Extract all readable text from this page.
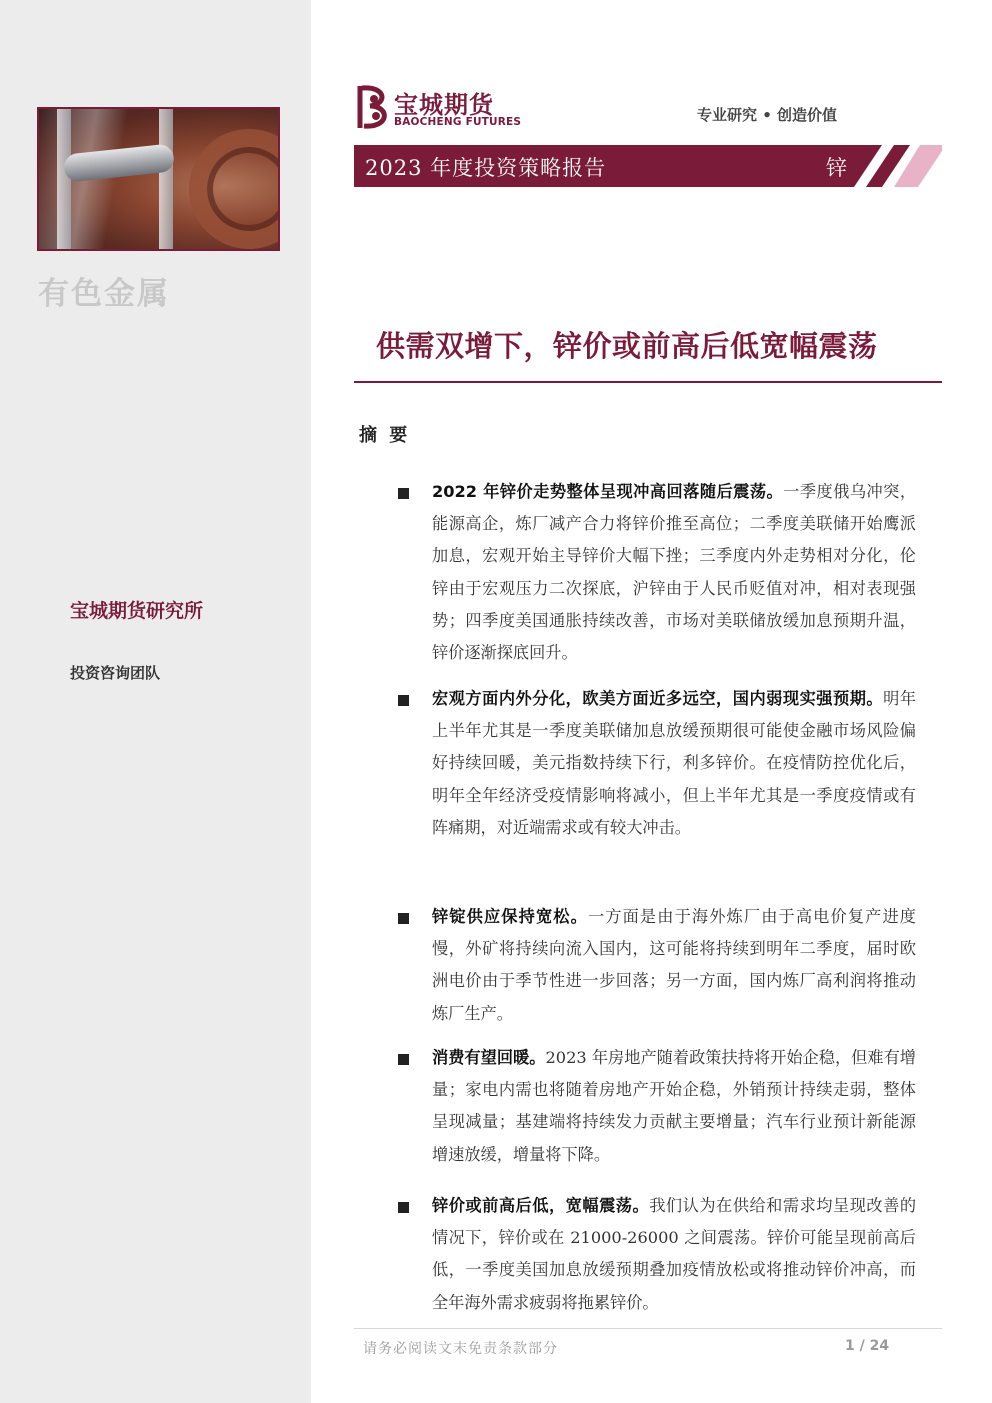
有色金属
宝城期货研究所
投资咨询团队
宝城期货
BAOCHENG FUTURES	专业研究 • 创造价值
2023 年度投资策略报告	锌
供需双增下，锌价或前高后低宽幅震荡
摘 要
2022 年锌价走势整体呈现冲高回落随后震荡。一季度俄乌冲突，能源高企，炼厂减产合力将锌价推至高位；二季度美联储开始鹰派加息，宏观开始主导锌价大幅下挫；三季度内外走势相对分化，伦锌由于宏观压力二次探底，沪锌由于人民币贬值对冲，相对表现强势；四季度美国通胀持续改善，市场对美联储放缓加息预期升温，锌价逐渐探底回升。
宏观方面内外分化，欧美方面近多远空，国内弱现实强预期。明年上半年尤其是一季度美联储加息放缓预期很可能使金融市场风险偏好持续回暖，美元指数持续下行，利多锌价。在疫情防控优化后，明年全年经济受疫情影响将减小，但上半年尤其是一季度疫情或有阵痛期，对近端需求或有较大冲击。
锌锭供应保持宽松。一方面是由于海外炼厂由于高电价复产进度慢，外矿将持续向流入国内，这可能将持续到明年二季度，届时欧洲电价由于季节性进一步回落；另一方面，国内炼厂高利润将推动炼厂生产。
消费有望回暖。2023 年房地产随着政策扶持将开始企稳，但难有增量；家电内需也将随着房地产开始企稳，外销预计持续走弱，整体呈现减量；基建端将持续发力贡献主要增量；汽车行业预计新能源增速放缓，增量将下降。
锌价或前高后低，宽幅震荡。我们认为在供给和需求均呈现改善的情况下，锌价或在 21000-26000 之间震荡。锌价可能呈现前高后低，一季度美国加息放缓预期叠加疫情放松或将推动锌价冲高，而全年海外需求疲弱将拖累锌价。
请务必阅读文末免责条款部分	1 / 24
